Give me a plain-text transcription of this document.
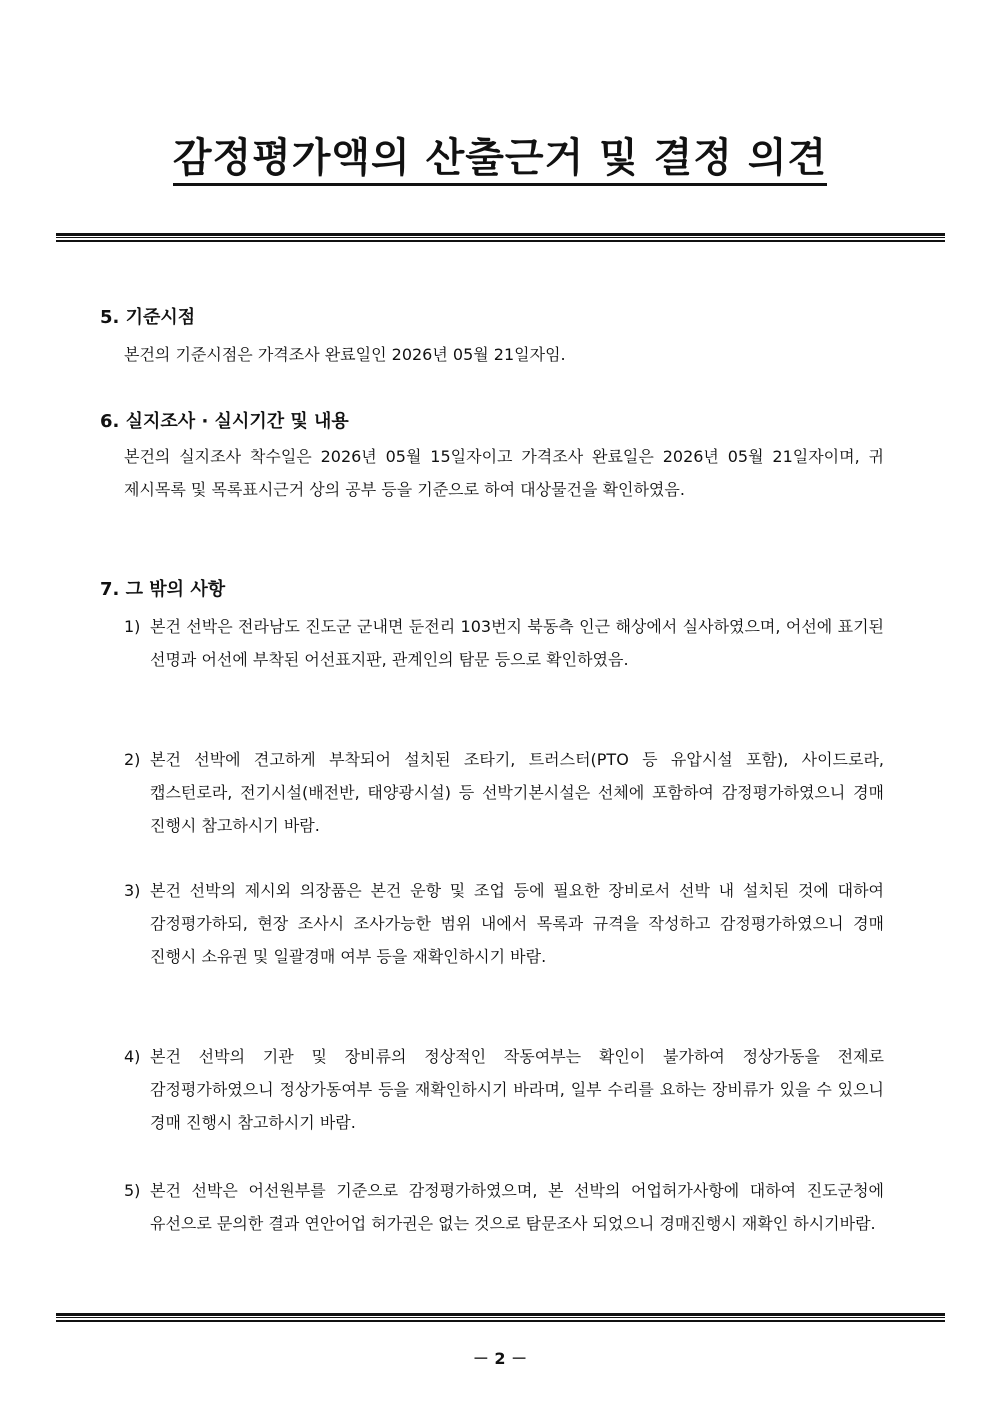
감정평가액의 산출근거 및 결정 의견
5. 기준시점
본건의 기준시점은 가격조사 완료일인 2026년 05월 21일자임.
6. 실지조사 · 실시기간 및 내용
본건의 실지조사 착수일은 2026년 05월 15일자이고 가격조사 완료일은 2026년 05월 21일자이며, 귀 제시목록 및 목록표시근거 상의 공부 등을 기준으로 하여 대상물건을 확인하였음.
7. 그 밖의 사항
1) 본건 선박은 전라남도 진도군 군내면 둔전리 103번지 북동측 인근 해상에서 실사하였으며, 어선에 표기된 선명과 어선에 부착된 어선표지판, 관계인의 탐문 등으로 확인하였음.
2) 본건 선박에 견고하게 부착되어 설치된 조타기, 트러스터(PTO 등 유압시설 포함), 사이드로라, 캡스턴로라, 전기시설(배전반, 태양광시설) 등 선박기본시설은 선체에 포함하여 감정평가하였으니 경매 진행시 참고하시기 바람.
3) 본건 선박의 제시외 의장품은 본건 운항 및 조업 등에 필요한 장비로서 선박 내 설치된 것에 대하여 감정평가하되, 현장 조사시 조사가능한 범위 내에서 목록과 규격을 작성하고 감정평가하였으니 경매 진행시 소유권 및 일괄경매 여부 등을 재확인하시기 바람.
4) 본건 선박의 기관 및 장비류의 정상적인 작동여부는 확인이 불가하여 정상가동을 전제로 감정평가하였으니 정상가동여부 등을 재확인하시기 바라며, 일부 수리를 요하는 장비류가 있을 수 있으니 경매 진행시 참고하시기 바람.
5) 본건 선박은 어선원부를 기준으로 감정평가하였으며, 본 선박의 어업허가사항에 대하여 진도군청에 유선으로 문의한 결과 연안어업 허가권은 없는 것으로 탐문조사 되었으니 경매진행시 재확인 하시기바람.
－ 2 －
